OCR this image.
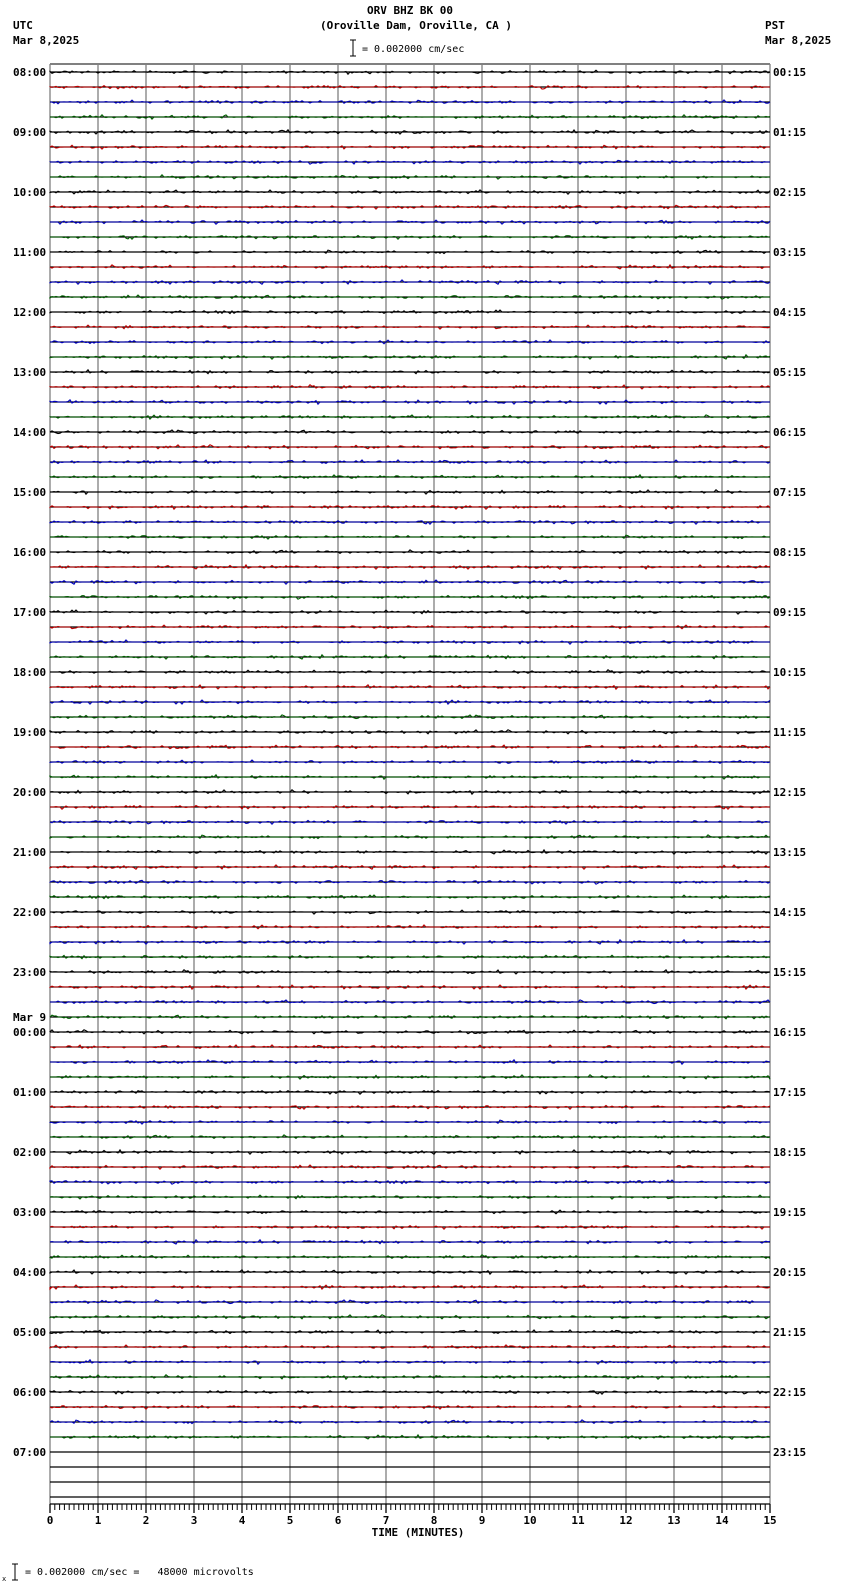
ORV BHZ BK 00
(Oroville Dam, Oroville, CA )
UTC
Mar 8,2025
PST
Mar 8,2025
= 0.002000 cm/sec
08:00
09:00
10:00
11:00
12:00
13:00
14:00
15:00
16:00
17:00
18:00
19:00
20:00
21:00
22:00
23:00
00:00
Mar 9
01:00
02:00
03:00
04:00
05:00
06:00
07:00
00:15
01:15
02:15
03:15
04:15
05:15
06:15
07:15
08:15
09:15
10:15
11:15
12:15
13:15
14:15
15:15
16:15
17:15
18:15
19:15
20:15
21:15
22:15
23:15
0	1	2	3	4	5	6	7	8	9	10	11	12	13	14	15
TIME (MINUTES)
x
= 0.002000 cm/sec =   48000 microvolts
